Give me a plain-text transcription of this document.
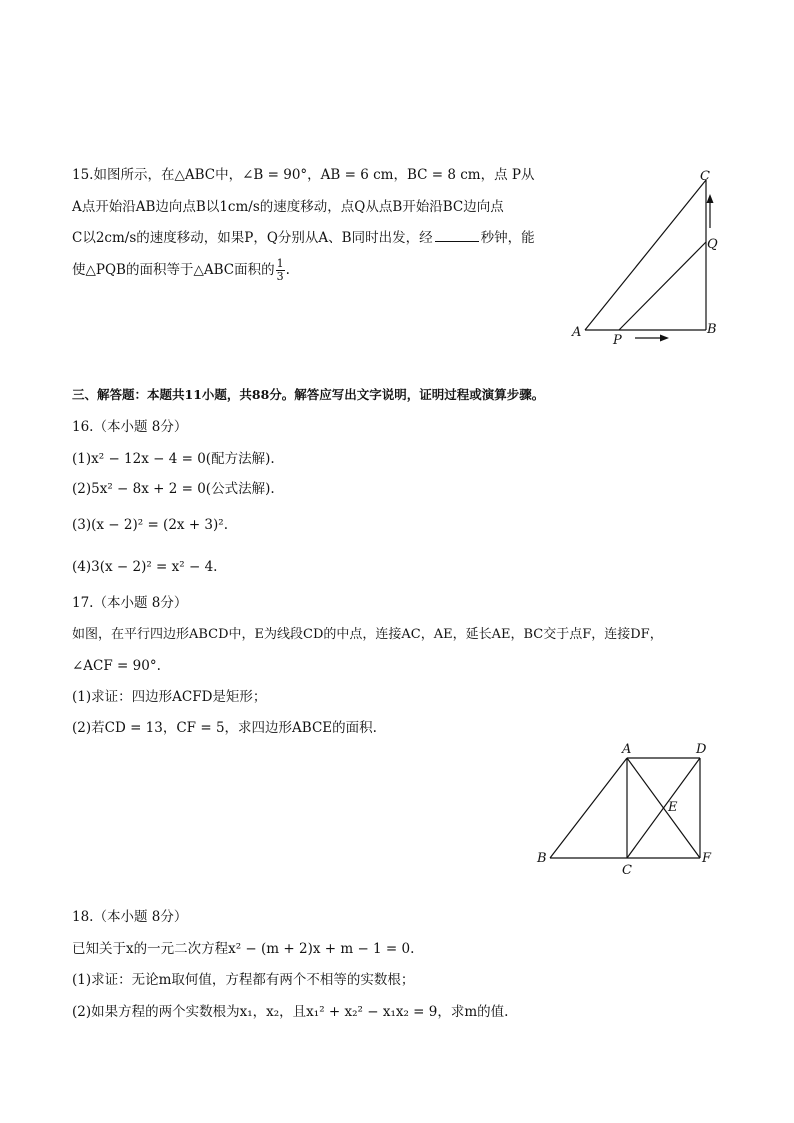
15.如图所示，在△ABC中，∠B = 90°，AB = 6 cm，BC = 8 cm，点 P从
A点开始沿AB边向点B以1cm/s的速度移动，点Q从点B开始沿BC边向点
C以2cm/s的速度移动，如果P，Q分别从A、B同时出发，经	秒钟，能
使△PQB的面积等于△ABC面积的 $\frac{1}{3}$ .
C
Q
B
A
P
三、解答题：本题共11小题，共88分。解答应写出文字说明，证明过程或演算步骤。
16.（本小题 8分）
(1)x² − 12x − 4 = 0(配方法解).
(2)5x² − 8x + 2 = 0(公式法解).
(3)(x − 2)² = (2x + 3)².
(4)3(x − 2)² = x² − 4.
17.（本小题 8分）
如图，在平行四边形ABCD中，E为线段CD的中点，连接AC，AE，延长AE，BC交于点F，连接DF，
∠ACF = 90°.
(1)求证：四边形ACFD是矩形；
(2)若CD = 13，CF = 5，求四边形ABCE的面积.
A	D
E
B
C
F
18.（本小题 8分）
已知关于x的一元二次方程x² − (m + 2)x + m − 1 = 0.
(1)求证：无论m取何值，方程都有两个不相等的实数根；
(2)如果方程的两个实数根为x₁，x₂，且x₁² + x₂² − x₁x₂ = 9，求m的值.
